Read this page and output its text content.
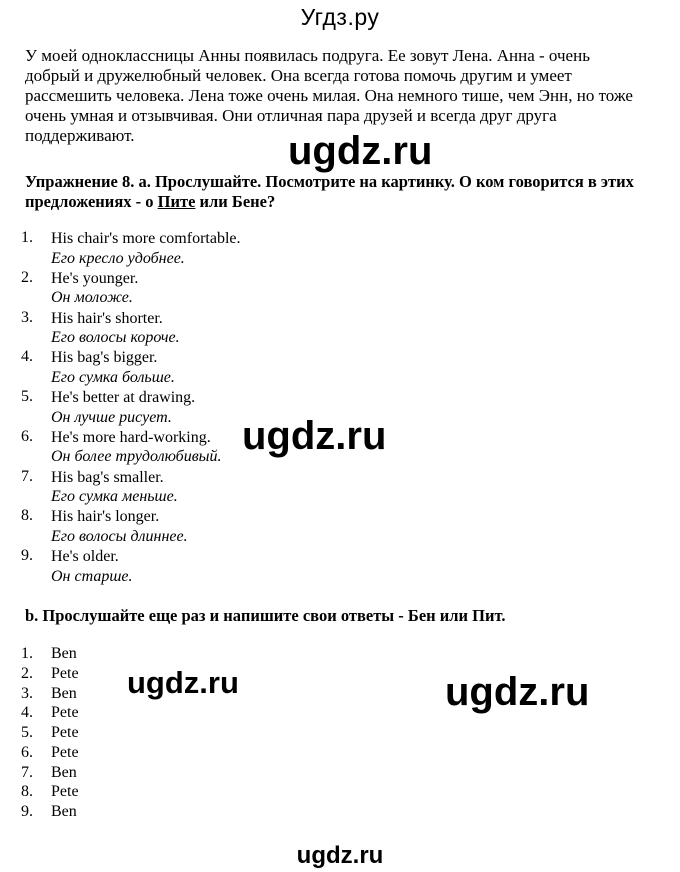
Угдз.ру
У моей одноклассницы Анны появилась подруга. Ее зовут Лена. Анна - очень добрый и дружелюбный человек. Она всегда готова помочь другим и умеет рассмешить человека. Лена тоже очень милая. Она немного тише, чем Энн, но тоже очень умная и отзывчивая. Они отличная пара друзей и всегда друг друга поддерживают.
Упражнение 8. a. Прослушайте. Посмотрите на картинку. О ком говорится в этих предложениях - о Пите или Бене?
1. His chair's more comfortable.
Его кресло удобнее.
2. He's younger.
Он моложе.
3. His hair's shorter.
Его волосы короче.
4. His bag's bigger.
Его сумка больше.
5. He's better at drawing.
Он лучше рисует.
6. He's more hard-working.
Он более трудолюбивый.
7. His bag's smaller.
Его сумка меньше.
8. His hair's longer.
Его волосы длиннее.
9. He's older.
Он старше.
b. Прослушайте еще раз и напишите свои ответы - Бен или Пит.
1. Ben
2. Pete
3. Ben
4. Pete
5. Pete
6. Pete
7. Ben
8. Pete
9. Ben
ugdz.ru
ugdz.ru
ugdz.ru	ugdz.ru
ugdz.ru
